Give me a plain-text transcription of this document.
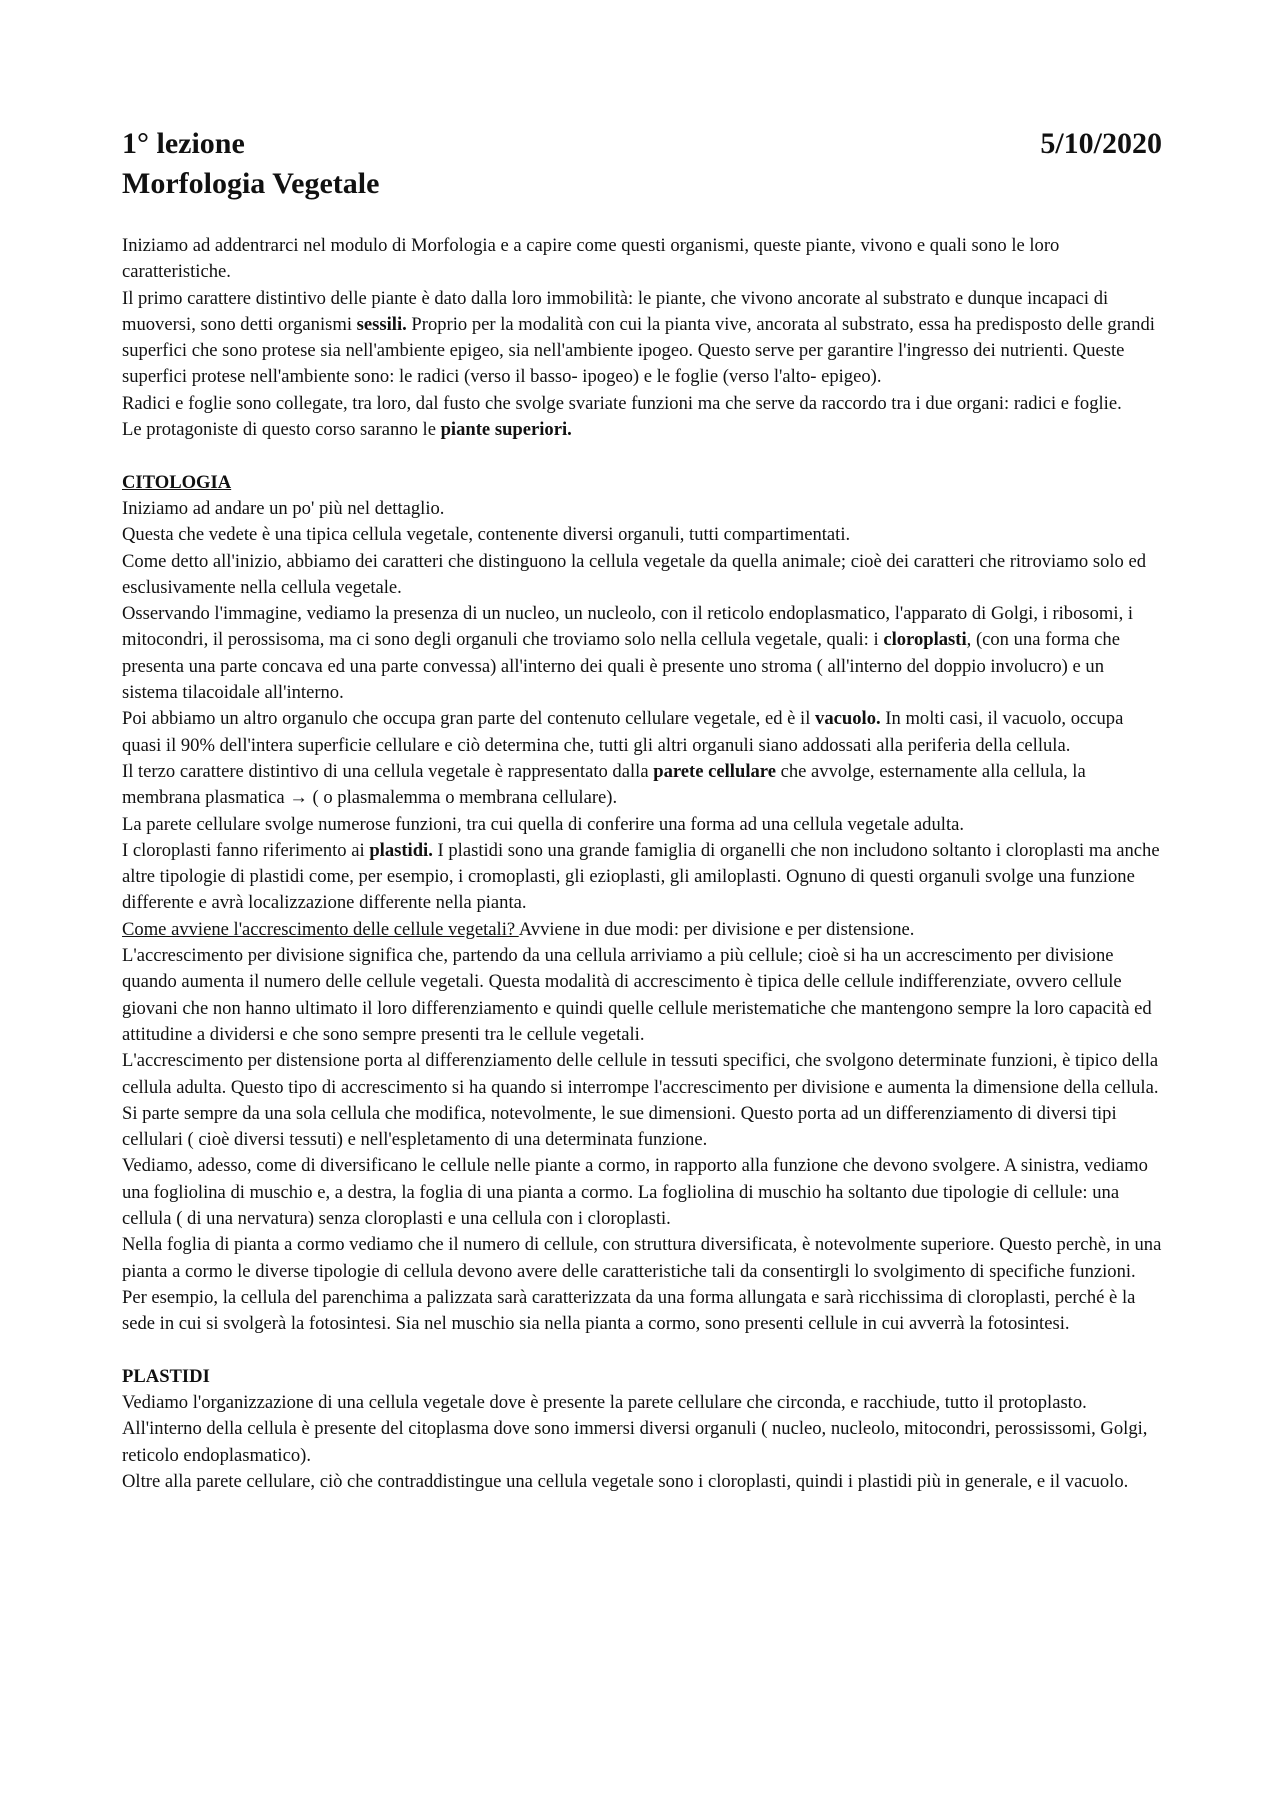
1° lezione	5/10/2020
Morfologia Vegetale

Iniziamo ad addentrarci nel modulo di Morfologia e a capire come questi organismi, queste piante, vivono e quali sono le loro caratteristiche.

Il primo carattere distintivo delle piante è dato dalla loro immobilità: le piante, che vivono ancorate al substrato e dunque incapaci di muoversi, sono detti organismi sessili. Proprio per la modalità con cui la pianta vive, ancorata al substrato, essa ha predisposto delle grandi superfici che sono protese sia nell'ambiente epigeo, sia nell'ambiente ipogeo. Questo serve per garantire l'ingresso dei nutrienti. Queste superfici protese nell'ambiente sono: le radici (verso il basso- ipogeo) e le foglie (verso l'alto- epigeo).

Radici e foglie sono collegate, tra loro, dal fusto che svolge svariate funzioni ma che serve da raccordo tra i due organi: radici e foglie.

Le protagoniste di questo corso saranno le piante superiori.

CITOLOGIA

Iniziamo ad andare un po' più nel dettaglio.

Questa che vedete è una tipica cellula vegetale, contenente diversi organuli, tutti compartimentati.

Come detto all'inizio, abbiamo dei caratteri che distinguono la cellula vegetale da quella animale; cioè dei caratteri che ritroviamo solo ed esclusivamente nella cellula vegetale.

Osservando l'immagine, vediamo la presenza di un nucleo, un nucleolo, con il reticolo endoplasmatico, l'apparato di Golgi, i ribosomi, i mitocondri, il perossisoma, ma ci sono degli organuli che troviamo solo nella cellula vegetale, quali: i cloroplasti, (con una forma che presenta una parte concava ed una parte convessa) all'interno dei quali è presente uno stroma ( all'interno del doppio involucro) e un sistema tilacoidale all'interno.

Poi abbiamo un altro organulo che occupa gran parte del contenuto cellulare vegetale, ed è il vacuolo. In molti casi, il vacuolo, occupa quasi il 90% dell'intera superficie cellulare e ciò determina che, tutti gli altri organuli siano addossati alla periferia della cellula.

Il terzo carattere distintivo di una cellula vegetale è rappresentato dalla parete cellulare che avvolge, esternamente alla cellula, la membrana plasmatica → ( o plasmalemma o membrana cellulare).

La parete cellulare svolge numerose funzioni, tra cui quella di conferire una forma ad una cellula vegetale adulta.

I cloroplasti fanno riferimento ai plastidi. I plastidi sono una grande famiglia di organelli che non includono soltanto i cloroplasti ma anche altre tipologie di plastidi come, per esempio, i cromoplasti, gli ezioplasti, gli amiloplasti. Ognuno di questi organuli svolge una funzione differente e avrà localizzazione differente nella pianta.

Come avviene l'accrescimento delle cellule vegetali? Avviene in due modi: per divisione e per distensione.

L'accrescimento per divisione significa che, partendo da una cellula arriviamo a più cellule; cioè si ha un accrescimento per divisione quando aumenta il numero delle cellule vegetali. Questa modalità di accrescimento è tipica delle cellule indifferenziate, ovvero cellule giovani che non hanno ultimato il loro differenziamento e quindi quelle cellule meristematiche che mantengono sempre la loro capacità ed attitudine a dividersi e che sono sempre presenti tra le cellule vegetali.

L'accrescimento per distensione porta al differenziamento delle cellule in tessuti specifici, che svolgono determinate funzioni, è tipico della cellula adulta. Questo tipo di accrescimento si ha quando si interrompe l'accrescimento per divisione e aumenta la dimensione della cellula. Si parte sempre da una sola cellula che modifica, notevolmente, le sue dimensioni. Questo porta ad un differenziamento di diversi tipi cellulari ( cioè diversi tessuti) e nell'espletamento di una determinata funzione.

Vediamo, adesso, come di diversificano le cellule nelle piante a cormo, in rapporto alla funzione che devono svolgere. A sinistra, vediamo una fogliolina di muschio e, a destra, la foglia di una pianta a cormo. La fogliolina di muschio ha soltanto due tipologie di cellule: una cellula ( di una nervatura) senza cloroplasti e una cellula con i cloroplasti.

Nella foglia di pianta a cormo vediamo che il numero di cellule, con struttura diversificata, è notevolmente superiore. Questo perchè, in una pianta a cormo le diverse tipologie di cellula devono avere delle caratteristiche tali da consentirgli lo svolgimento di specifiche funzioni. Per esempio, la cellula del parenchima a palizzata sarà caratterizzata da una forma allungata e sarà ricchissima di cloroplasti, perché è la sede in cui si svolgerà la fotosintesi. Sia nel muschio sia nella pianta a cormo, sono presenti cellule in cui avverrà la fotosintesi.

PLASTIDI

Vediamo l'organizzazione di una cellula vegetale dove è presente la parete cellulare che circonda, e racchiude, tutto il protoplasto. All'interno della cellula è presente del citoplasma dove sono immersi diversi organuli ( nucleo, nucleolo, mitocondri, perossissomi, Golgi, reticolo endoplasmatico).

Oltre alla parete cellulare, ciò che contraddistingue una cellula vegetale sono i cloroplasti, quindi i plastidi più in generale, e il vacuolo.
